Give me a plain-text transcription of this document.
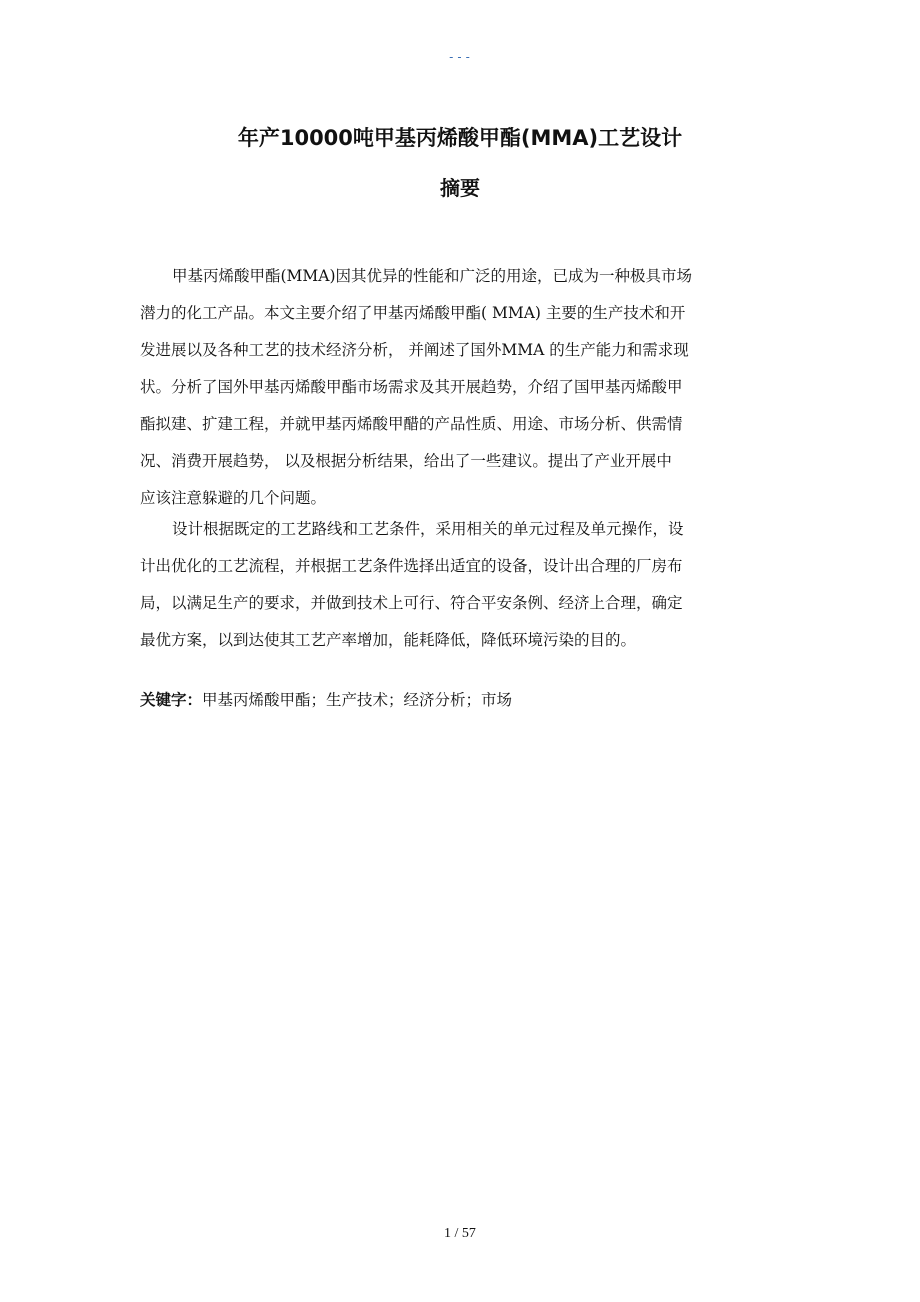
---
年产10000吨甲基丙烯酸甲酯(MMA)工艺设计
摘要
甲基丙烯酸甲酯(MMA)因其优异的性能和广泛的用途，已成为一种极具市场
潜力的化工产品。本文主要介绍了甲基丙烯酸甲酯( MMA) 主要的生产技术和开
发进展以及各种工艺的技术经济分析， 并阐述了国外MMA 的生产能力和需求现
状。分析了国外甲基丙烯酸甲酯市场需求及其开展趋势，介绍了国甲基丙烯酸甲
酯拟建、扩建工程，并就甲基丙烯酸甲醋的产品性质、用途、市场分析、供需情
况、消费开展趋势， 以及根据分析结果，给出了一些建议。提出了产业开展中
应该注意躲避的几个问题。
设计根据既定的工艺路线和工艺条件，采用相关的单元过程及单元操作，设
计出优化的工艺流程，并根据工艺条件选择出适宜的设备，设计出合理的厂房布
局，以满足生产的要求，并做到技术上可行、符合平安条例、经济上合理，确定
最优方案，以到达使其工艺产率增加，能耗降低，降低环境污染的目的。
关键字：甲基丙烯酸甲酯；生产技术；经济分析；市场
1 / 57
